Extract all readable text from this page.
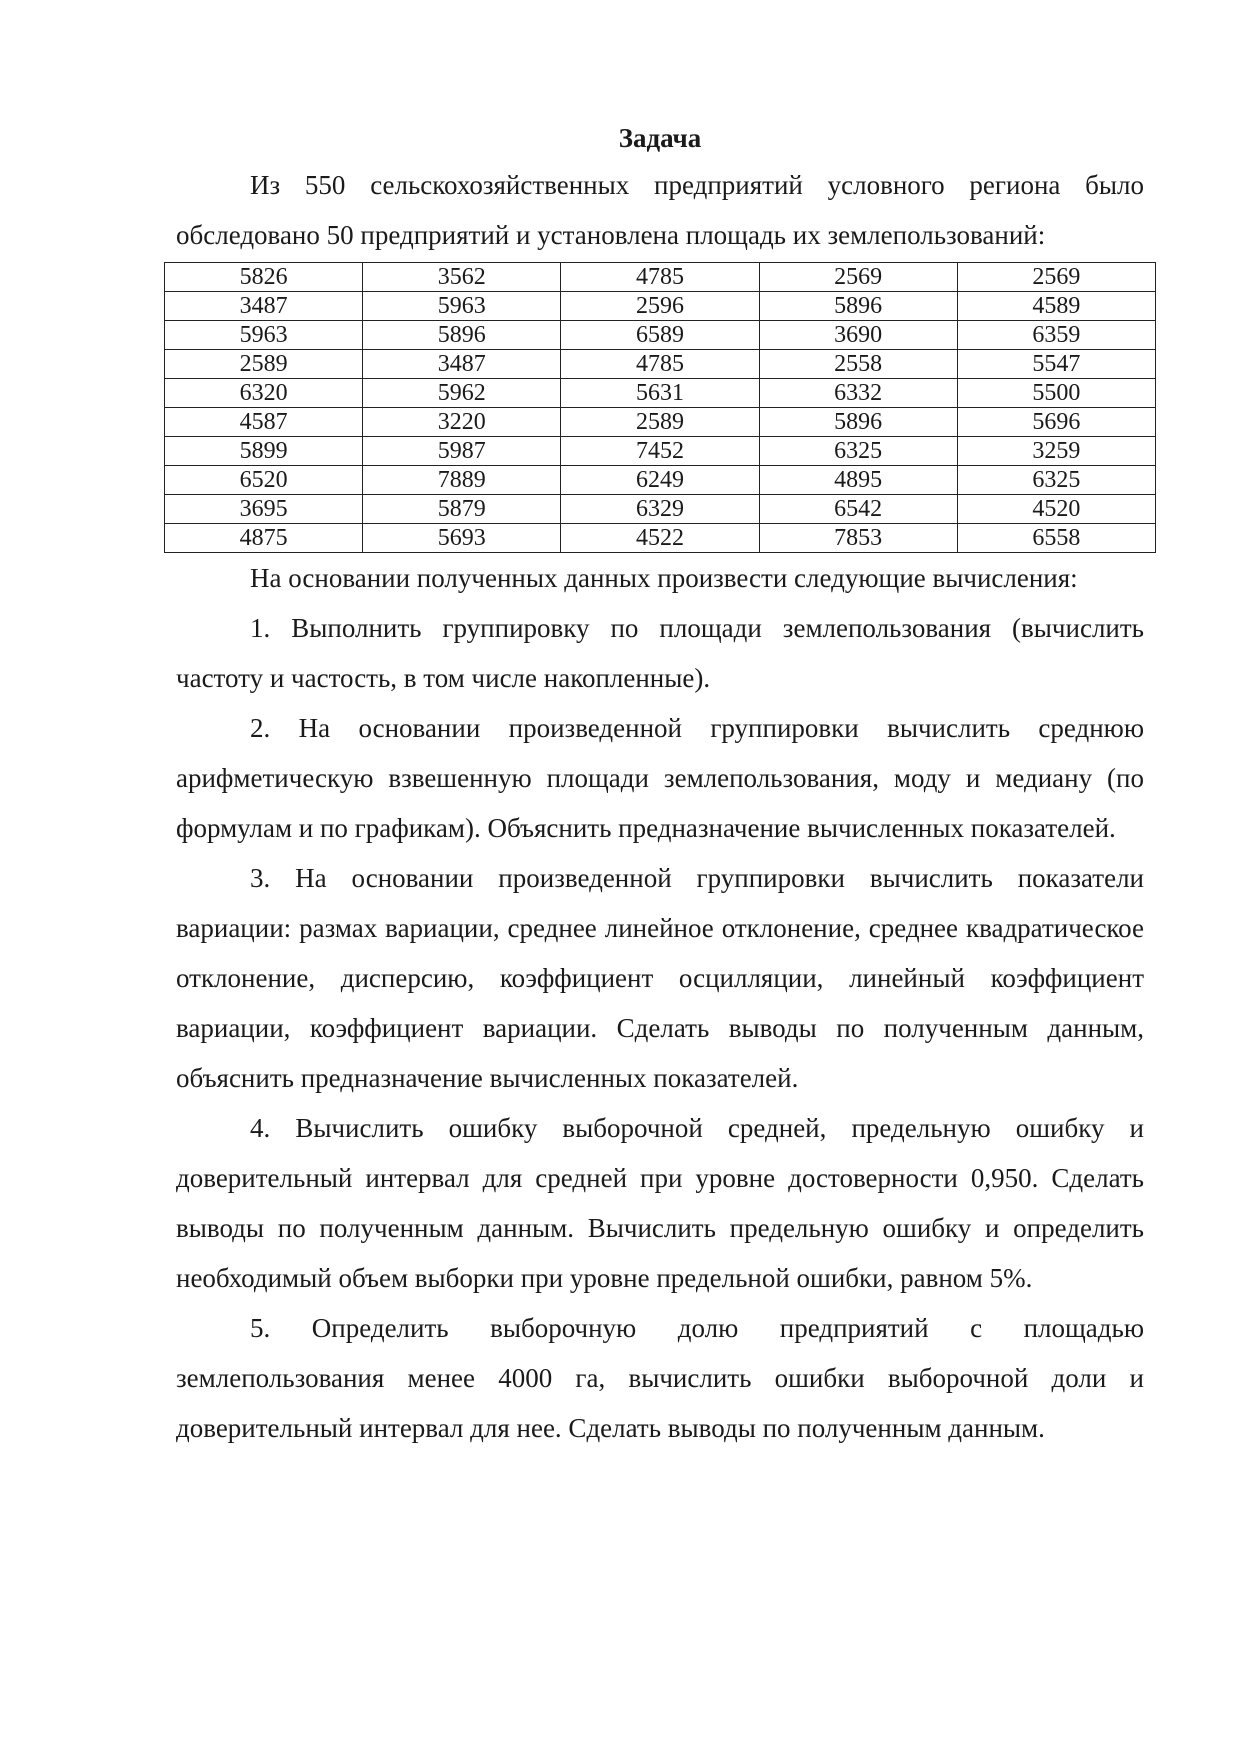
Задача

Из 550 сельскохозяйственных предприятий условного региона было обследовано 50 предприятий и установлена площадь их землепользований:

5826	3562	4785	2569	2569
3487	5963	2596	5896	4589
5963	5896	6589	3690	6359
2589	3487	4785	2558	5547
6320	5962	5631	6332	5500
4587	3220	2589	5896	5696
5899	5987	7452	6325	3259
6520	7889	6249	4895	6325
3695	5879	6329	6542	4520
4875	5693	4522	7853	6558

На основании полученных данных произвести следующие вычисления:

1. Выполнить группировку по площади землепользования (вычислить частоту и частость, в том числе накопленные).

2. На основании произведенной группировки вычислить среднюю арифметическую взвешенную площади землепользования, моду и медиану (по формулам и по графикам). Объяснить предназначение вычисленных показателей.

3. На основании произведенной группировки вычислить показатели вариации: размах вариации, среднее линейное отклонение, среднее квадратическое отклонение, дисперсию, коэффициент осцилляции, линейный коэффициент вариации, коэффициент вариации. Сделать выводы по полученным данным, объяснить предназначение вычисленных показателей.

4. Вычислить ошибку выборочной средней, предельную ошибку и доверительный интервал для средней при уровне достоверности 0,950. Сделать выводы по полученным данным. Вычислить предельную ошибку и определить необходимый объем выборки при уровне предельной ошибки, равном 5%.

5. Определить выборочную долю предприятий с площадью землепользования менее 4000 га, вычислить ошибки выборочной доли и доверительный интервал для нее. Сделать выводы по полученным данным.
